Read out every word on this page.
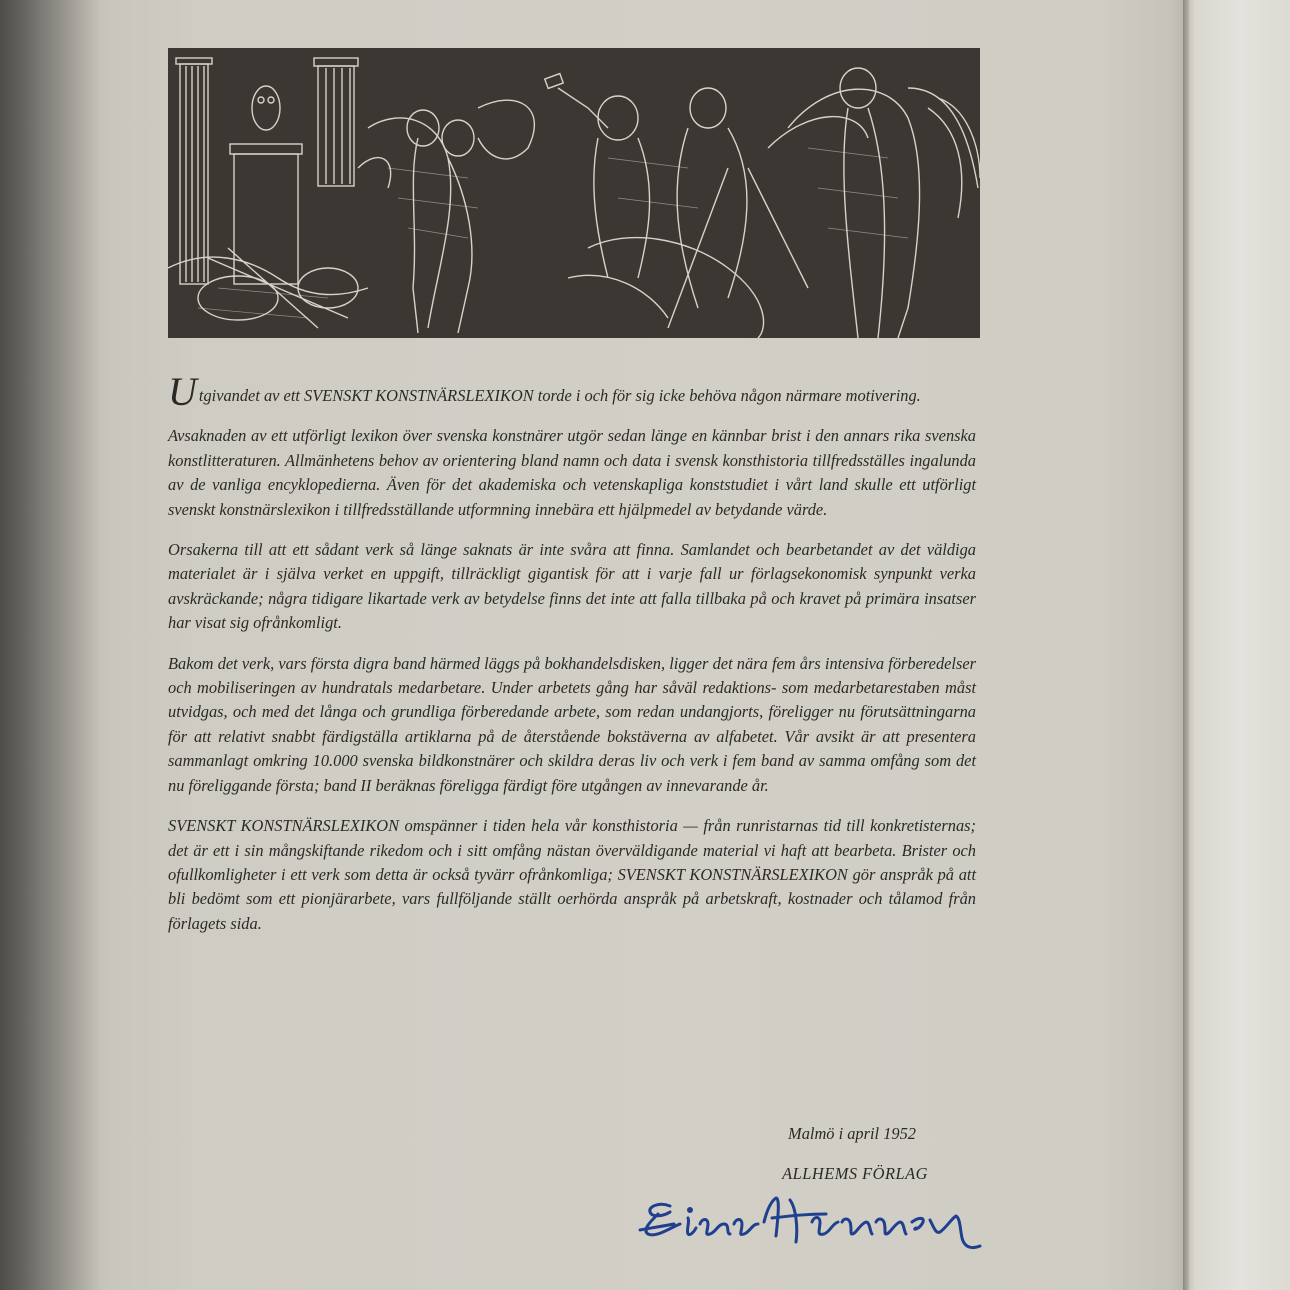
Utgivandet av ett SVENSKT KONSTNÄRSLEXIKON torde i och för sig icke behöva någon närmare motivering.

Avsaknaden av ett utförligt lexikon över svenska konstnärer utgör sedan länge en kännbar brist i den annars rika svenska konstlitteraturen. Allmänhetens behov av orientering bland namn och data i svensk konsthistoria tillfredsställes ingalunda av de vanliga encyklopedierna. Även för det akademiska och vetenskapliga konststudiet i vårt land skulle ett utförligt svenskt konstnärslexikon i tillfredsställande utformning innebära ett hjälpmedel av betydande värde.

Orsakerna till att ett sådant verk så länge saknats är inte svåra att finna. Samlandet och bearbetandet av det väldiga materialet är i själva verket en uppgift, tillräckligt gigantisk för att i varje fall ur förlagsekonomisk synpunkt verka avskräckande; några tidigare likartade verk av betydelse finns det inte att falla tillbaka på och kravet på primära insatser har visat sig ofrånkomligt.

Bakom det verk, vars första digra band härmed läggs på bokhandelsdisken, ligger det nära fem års intensiva förberedelser och mobiliseringen av hundratals medarbetare. Under arbetets gång har såväl redaktions- som medarbetarestaben måst utvidgas, och med det långa och grundliga förberedande arbete, som redan undangjorts, föreligger nu förutsättningarna för att relativt snabbt färdigställa artiklarna på de återstående bokstäverna av alfabetet. Vår avsikt är att presentera sammanlagt omkring 10.000 svenska bildkonstnärer och skildra deras liv och verk i fem band av samma omfång som det nu föreliggande första; band II beräknas föreligga färdigt före utgången av innevarande år.

SVENSKT KONSTNÄRSLEXIKON omspänner i tiden hela vår konsthistoria — från runristarnas tid till konkretisternas; det är ett i sin mångskiftande rikedom och i sitt omfång nästan överväldigande material vi haft att bearbeta. Brister och ofullkomligheter i ett verk som detta är också tyvärr ofrånkomliga; SVENSKT KONSTNÄRSLEXIKON gör anspråk på att bli bedömt som ett pionjärarbete, vars fullföljande ställt oerhörda anspråk på arbetskraft, kostnader och tålamod från förlagets sida.

Malmö i april 1952
ALLHEMS FÖRLAG
